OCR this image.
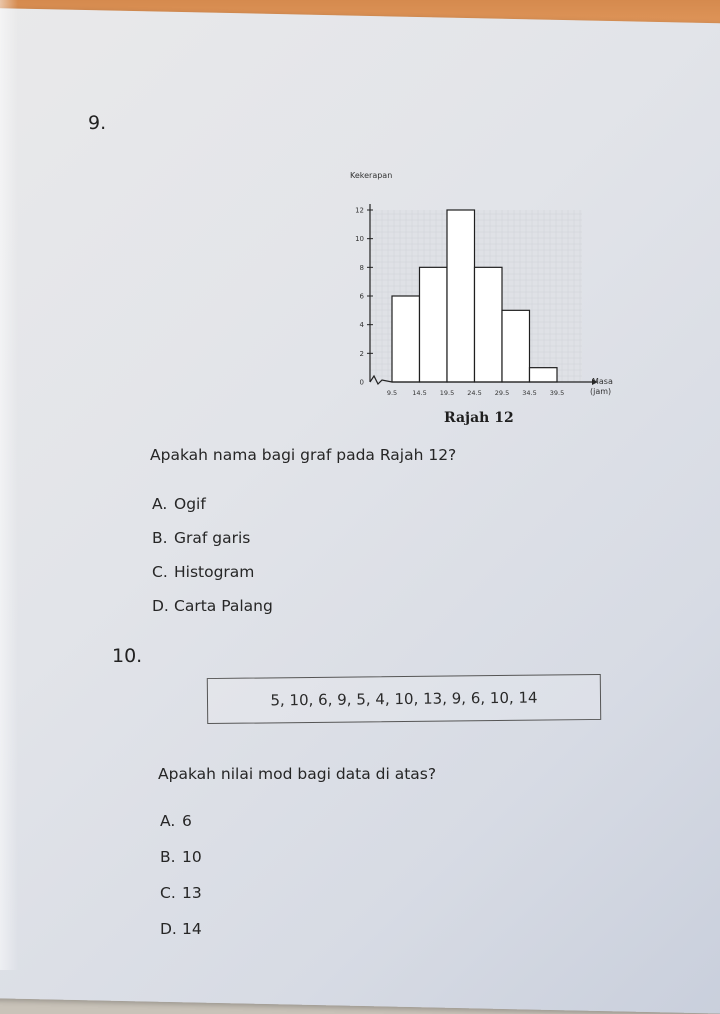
9.
0
2
4
6
8
10
12
9.5 14.5 19.5 24.5 29.5 34.5 39.5
Kekerapan
Masa
(jam)
Rajah 12
Apakah nama bagi graf pada Rajah 12?
A. Ogif
B. Graf garis
C. Histogram
D. Carta Palang
10.
5, 10, 6, 9, 5, 4, 10, 13, 9, 6, 10, 14
Apakah nilai mod bagi data di atas?
A. 6
B. 10
C. 13
D. 14
